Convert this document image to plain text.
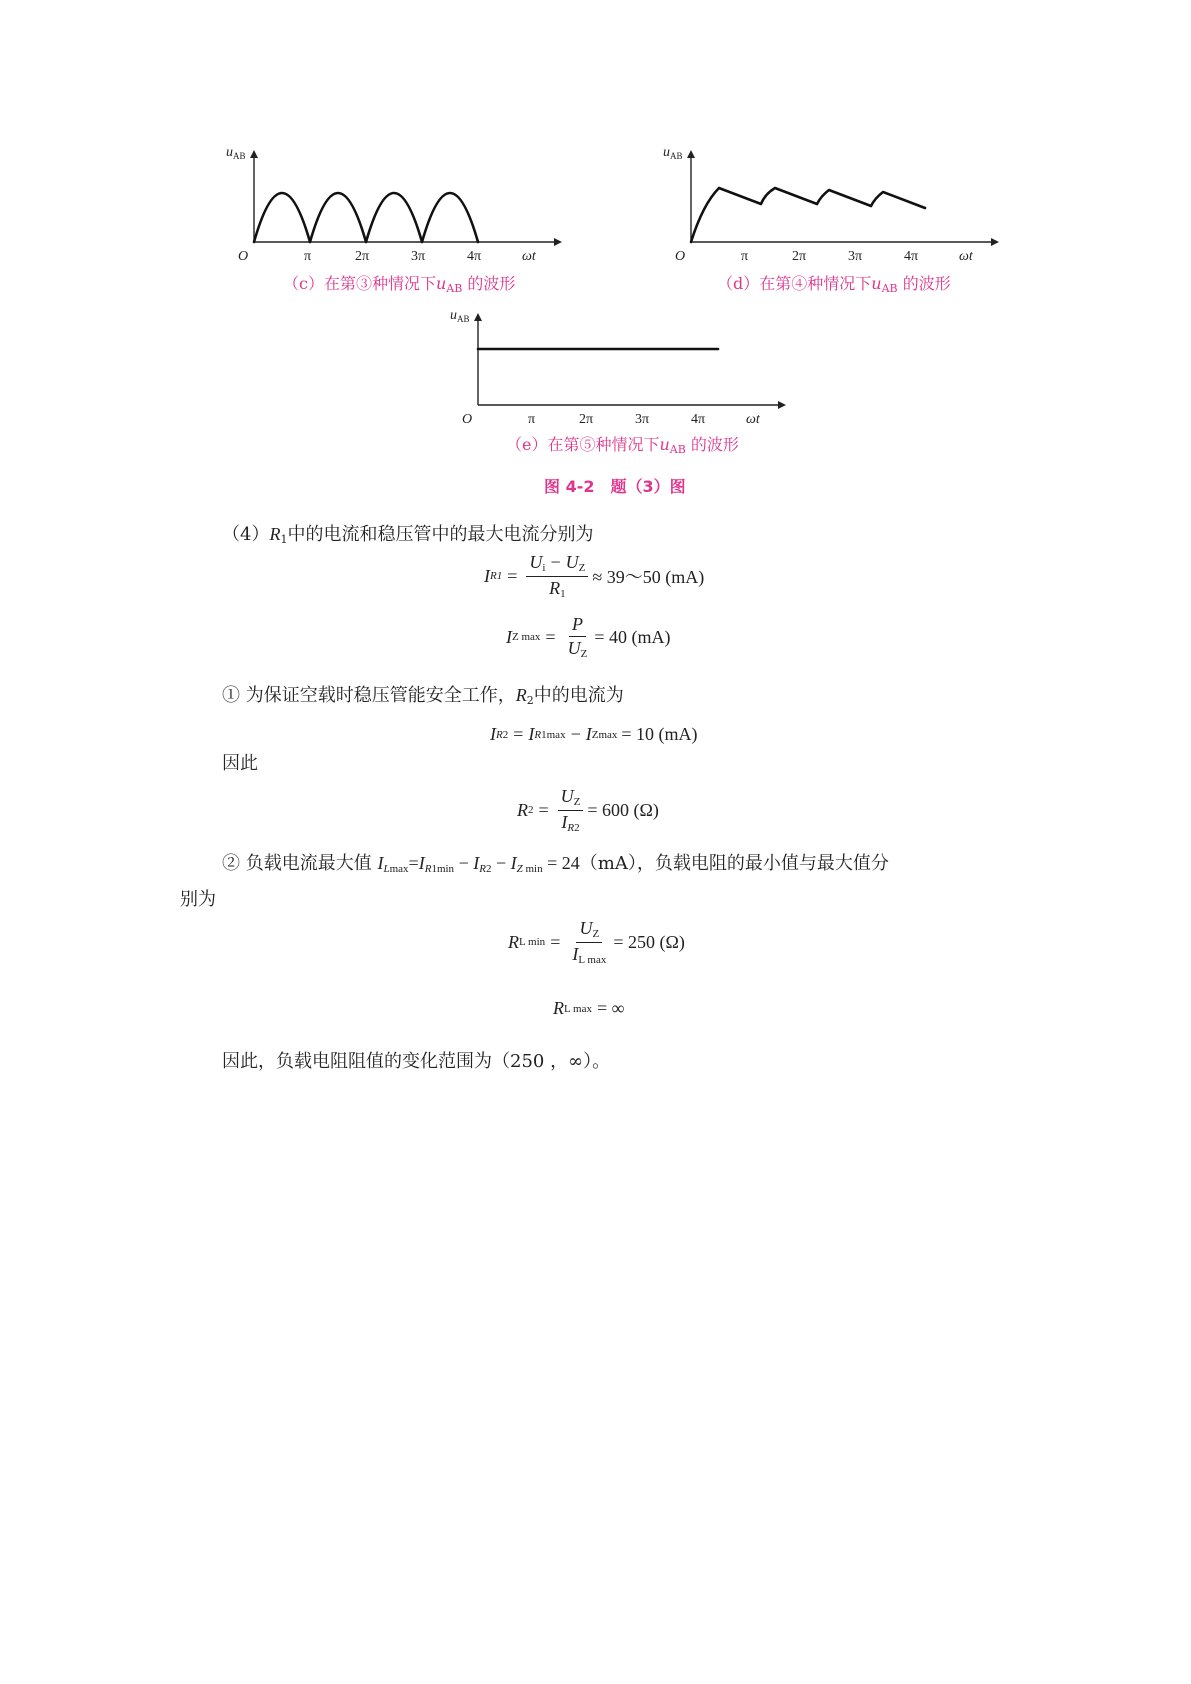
$u_{AB}$
O	π	2π	3π	4π	ωt
（c）在第③种情况下$u_{AB}$ 的波形
$u_{AB}$
O	π	2π	3π	4π	ωt
（d）在第④种情况下$u_{AB}$ 的波形
$u_{AB}$
O	π	2π	3π	4π	ωt
（e）在第⑤种情况下$u_{AB}$ 的波形
图 4-2　题（3）图
$(4)R_1$中的电流和稳压管中的最大电流分别为
I $R1 = \frac{U_i - U_Z}{R_1}$ ≈ 39～50 (mA)
I Z $\max = \frac{P}{U_Z} = 40$ (mA)
① 为保证空载时稳压管能安全工作，$R_2$中的电流为
I R2 = I R1max − I Zmax = 10 (mA)
因此
R $2 = \frac{U_Z}{I_{R2}} = 600$ (Ω)
② 负载电流最大值 $I_{Lmax}=I_{R1min} - I_{R2} - I_{Z min} = 24(mA)$，负载电阻的最小值与最大值分
别为
R L $\min = \frac{U_Z}{I_{L max}} = 250$ (Ω)
R L max = ∞
因此，负载电阻阻值的变化范围为（250 ，∞）。
